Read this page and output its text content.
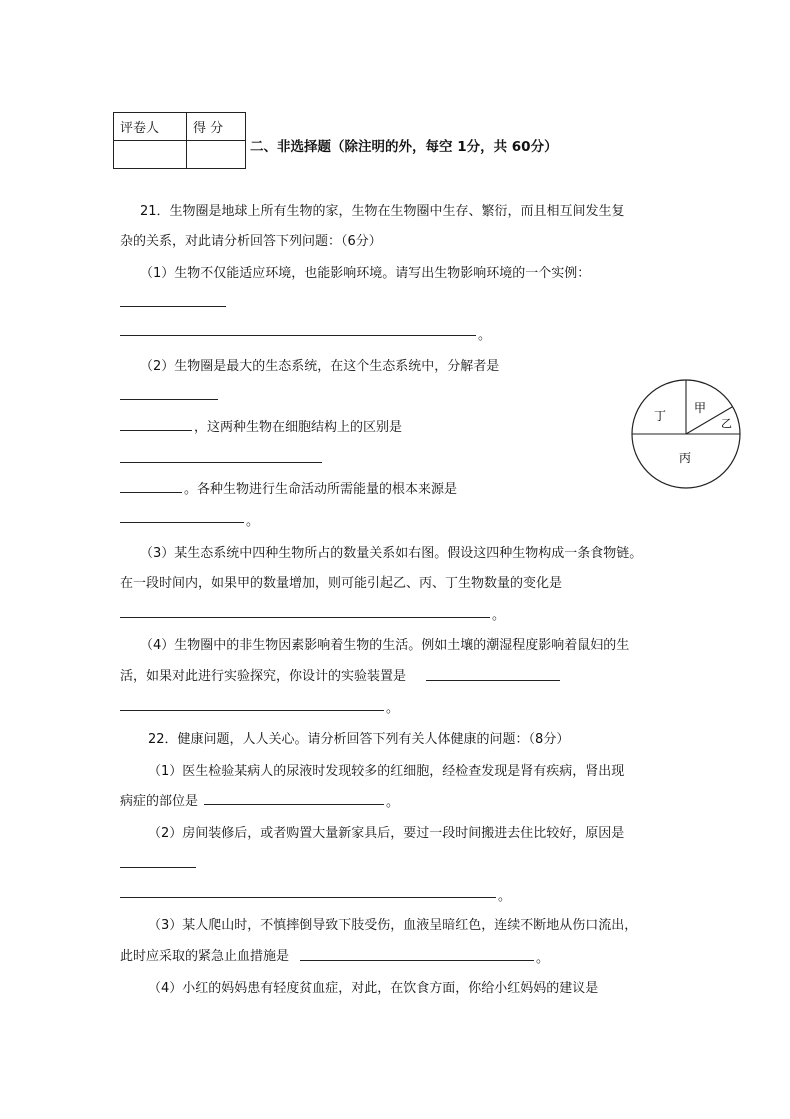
评卷人	得 分

二、非选择题（除注明的外，每空 1分，共 60分）
21．生物圈是地球上所有生物的家，生物在生物圈中生存、繁衍，而且相互间发生复
杂的关系，对此请分析回答下列问题：（6分）
（1）生物不仅能适应环境，也能影响环境。请写出生物影响环境的一个实例：
。
（2）生物圈是最大的生态系统，在这个生态系统中，分解者是
，这两种生物在细胞结构上的区别是
。各种生物进行生命活动所需能量的根本来源是
。
甲
乙
丙
丁
（3）某生态系统中四种生物所占的数量关系如右图。假设这四种生物构成一条食物链。
在一段时间内，如果甲的数量增加，则可能引起乙、丙、丁生物数量的变化是
。
（4）生物圈中的非生物因素影响着生物的生活。例如土壤的潮湿程度影响着鼠妇的生
活，如果对此进行实验探究，你设计的实验装置是
。
22．健康问题，人人关心。请分析回答下列有关人体健康的问题：（8分）
（1）医生检验某病人的尿液时发现较多的红细胞，经检查发现是肾有疾病，肾出现
病症的部位是	。
（2）房间装修后，或者购置大量新家具后，要过一段时间搬进去住比较好，原因是
。
（3）某人爬山时，不慎摔倒导致下肢受伤，血液呈暗红色，连续不断地从伤口流出，
此时应采取的紧急止血措施是	。
（4）小红的妈妈患有轻度贫血症，对此，在饮食方面，你给小红妈妈的建议是
